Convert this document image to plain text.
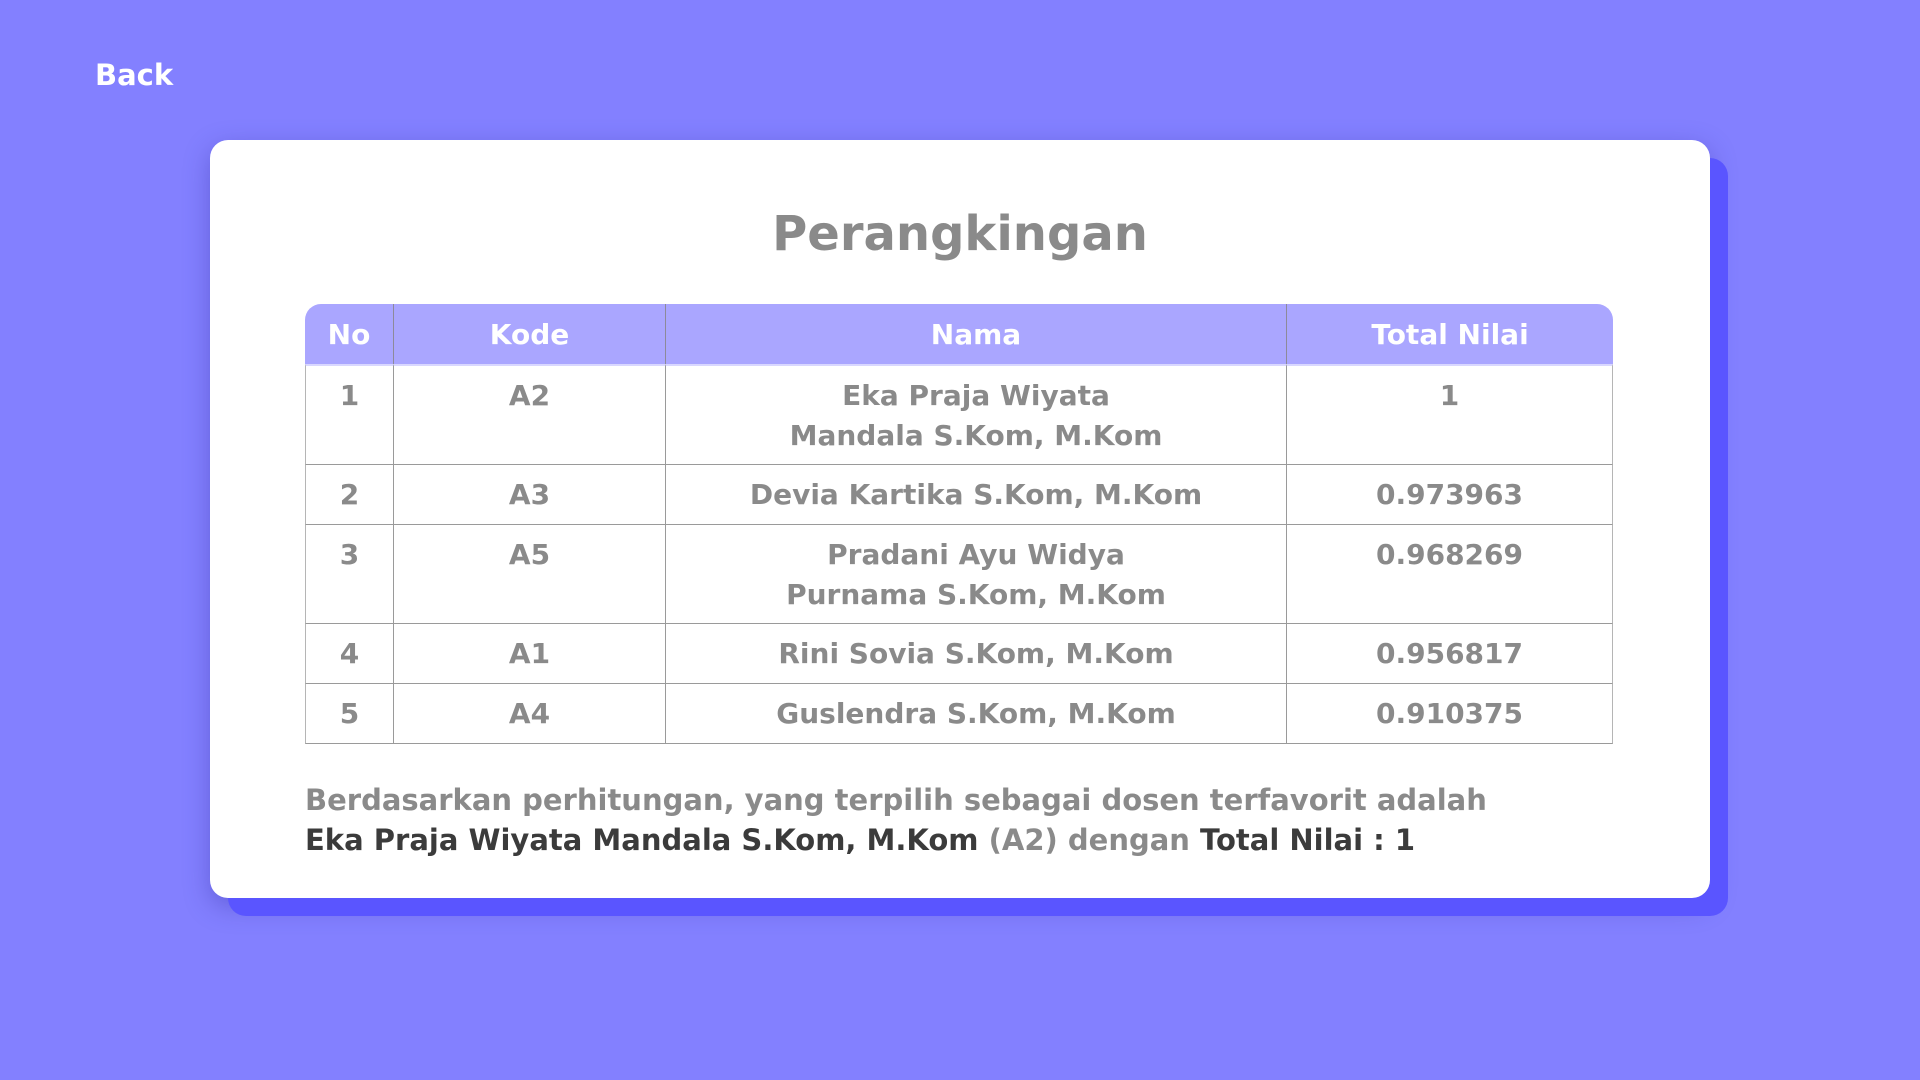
Back
Perangkingan
No	Kode	Nama	Total Nilai
1	A2	Eka Praja Wiyata Mandala S.Kom, M.Kom	1
2	A3	Devia Kartika S.Kom, M.Kom	0.973963
3	A5	Pradani Ayu Widya Purnama S.Kom, M.Kom	0.968269
4	A1	Rini Sovia S.Kom, M.Kom	0.956817
5	A4	Guslendra S.Kom, M.Kom	0.910375
Berdasarkan perhitungan, yang terpilih sebagai dosen terfavorit adalah
Eka Praja Wiyata Mandala S.Kom, M.Kom (A2) dengan Total Nilai : 1
